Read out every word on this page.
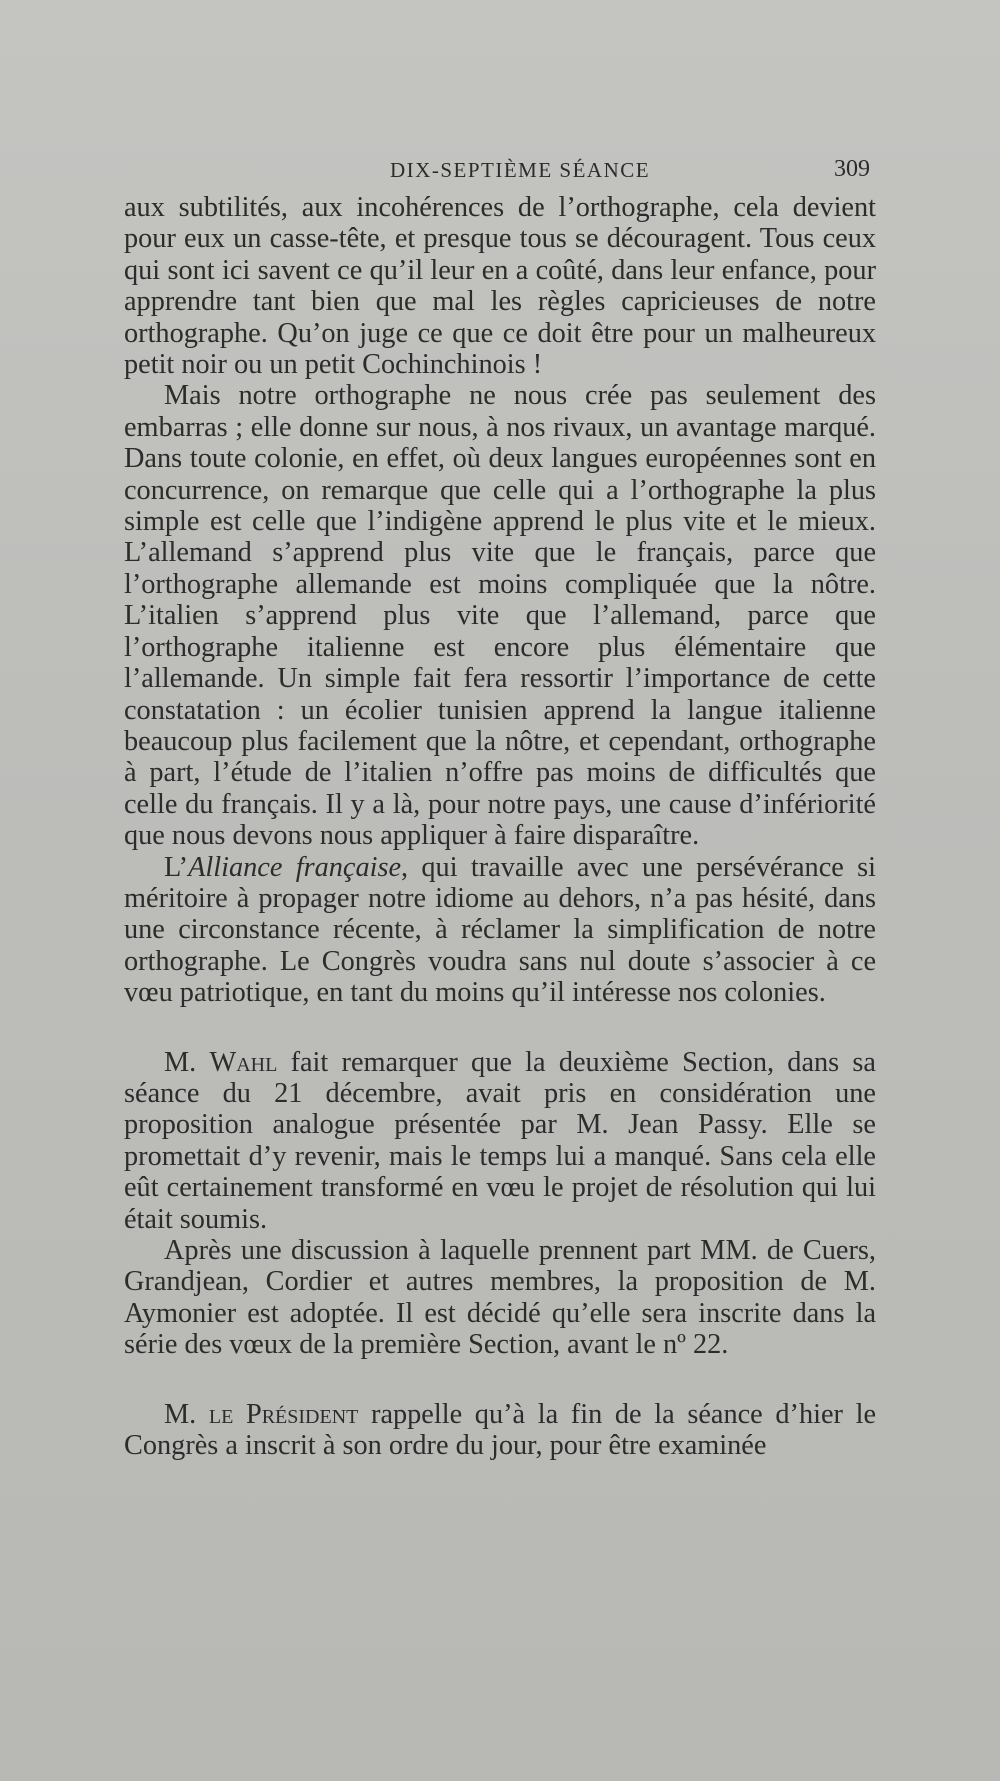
DIX-SEPTIÈME SÉANCE	309

aux subtilités, aux incohérences de l’orthographe, cela devient pour eux un casse-tête, et presque tous se découragent. Tous ceux qui sont ici savent ce qu’il leur en a coûté, dans leur enfance, pour apprendre tant bien que mal les règles capricieuses de notre orthographe. Qu’on juge ce que ce doit être pour un malheureux petit noir ou un petit Cochinchinois !

Mais notre orthographe ne nous crée pas seulement des embarras ; elle donne sur nous, à nos rivaux, un avantage marqué. Dans toute colonie, en effet, où deux langues européennes sont en concurrence, on remarque que celle qui a l’orthographe la plus simple est celle que l’indigène apprend le plus vite et le mieux. L’allemand s’apprend plus vite que le français, parce que l’orthographe allemande est moins compliquée que la nôtre. L’italien s’apprend plus vite que l’allemand, parce que l’orthographe italienne est encore plus élémentaire que l’allemande. Un simple fait fera ressortir l’importance de cette constatation : un écolier tunisien apprend la langue italienne beaucoup plus facilement que la nôtre, et cependant, orthographe à part, l’étude de l’italien n’offre pas moins de difficultés que celle du français. Il y a là, pour notre pays, une cause d’infériorité que nous devons nous appliquer à faire disparaître.

L’Alliance française, qui travaille avec une persévérance si méritoire à propager notre idiome au dehors, n’a pas hésité, dans une circonstance récente, à réclamer la simplification de notre orthographe. Le Congrès voudra sans nul doute s’associer à ce vœu patriotique, en tant du moins qu’il intéresse nos colonies.

M. Wahl fait remarquer que la deuxième Section, dans sa séance du 21 décembre, avait pris en considération une proposition analogue présentée par M. Jean Passy. Elle se promettait d’y revenir, mais le temps lui a manqué. Sans cela elle eût certainement transformé en vœu le projet de résolution qui lui était soumis.

Après une discussion à laquelle prennent part MM. de Cuers, Grandjean, Cordier et autres membres, la proposition de M. Aymonier est adoptée. Il est décidé qu’elle sera inscrite dans la série des vœux de la première Section, avant le nº 22.

M. le Président rappelle qu’à la fin de la séance d’hier le Congrès a inscrit à son ordre du jour, pour être examinée
